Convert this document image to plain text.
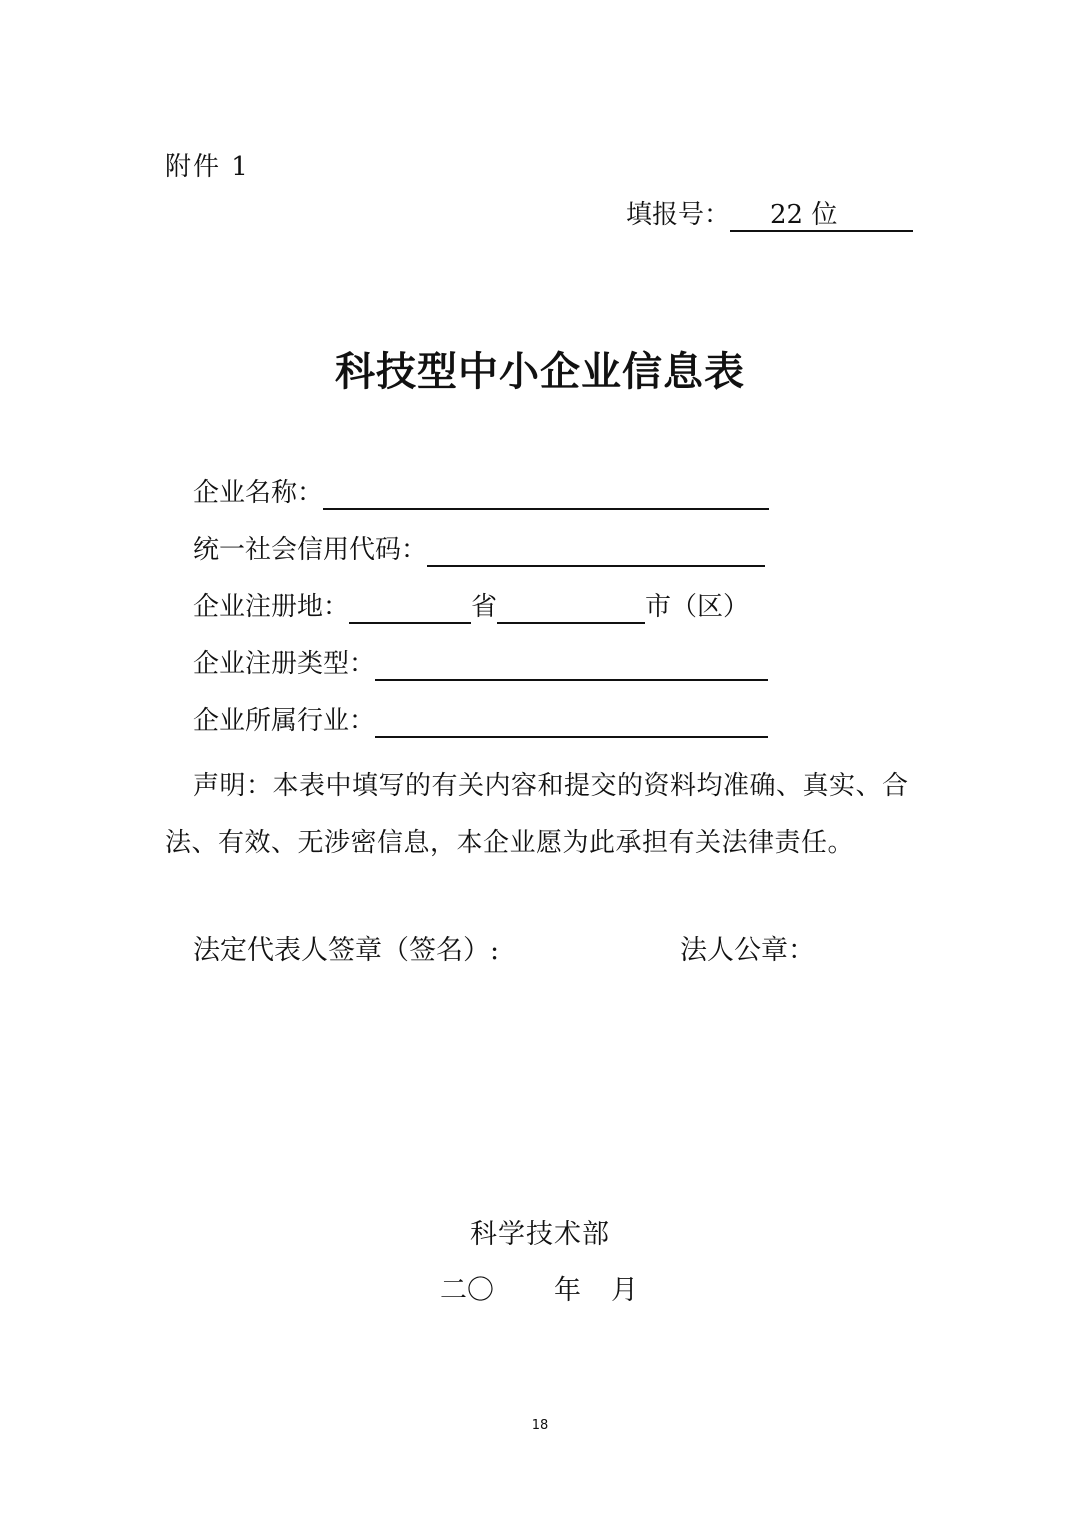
附件 1
填报号： 22 位
科技型中小企业信息表
企业名称：
统一社会信用代码：
企业注册地：	省	市（区）
企业注册类型：
企业所属行业：
声明：本表中填写的有关内容和提交的资料均准确、真实、合法、有效、无涉密信息，本企业愿为此承担有关法律责任。
法定代表人签章（签名）:	法人公章：
科学技术部
二〇 年 月
18
